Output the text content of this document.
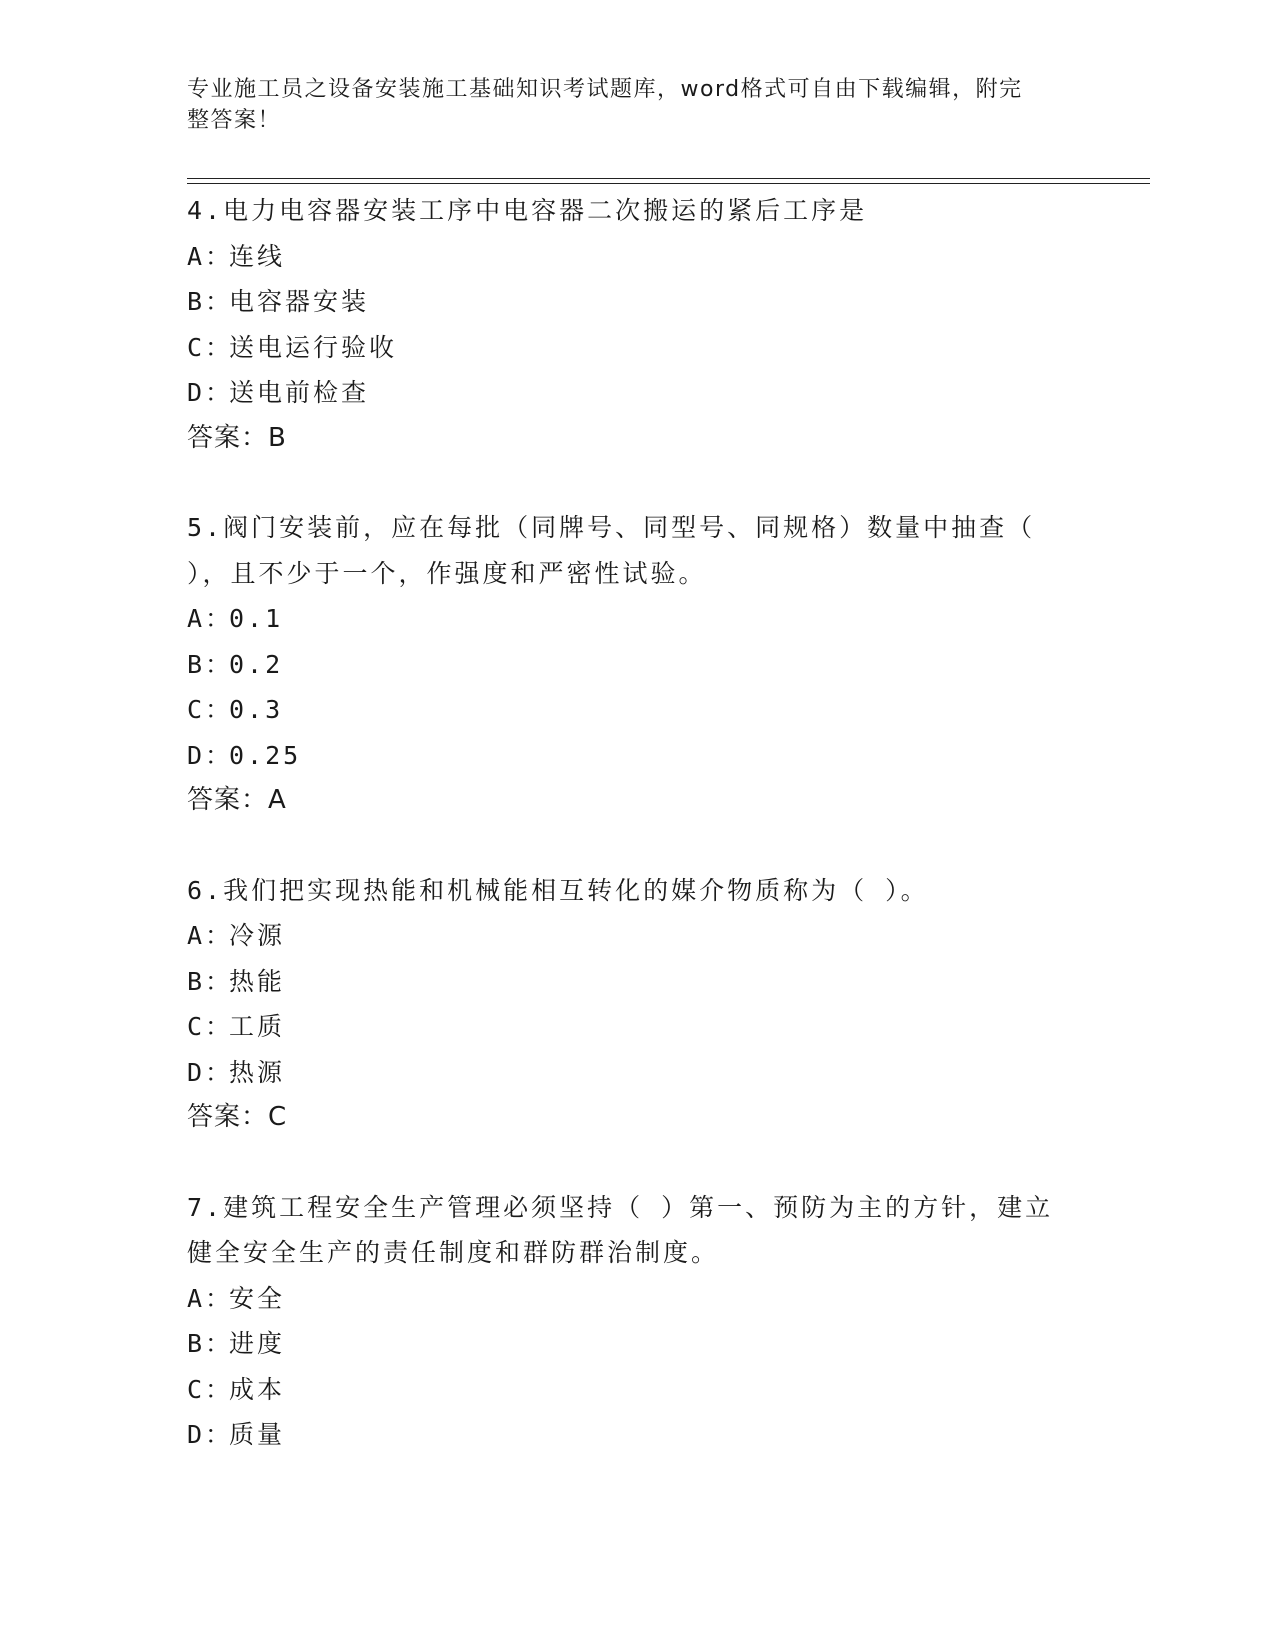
专业施工员之设备安装施工基础知识考试题库，word格式可自由下载编辑，附完
整答案！
4.电力电容器安装工序中电容器二次搬运的紧后工序是
A：
连线
B：
电容器安装
C：
送电运行验收
D：
送电前检查
答案：B
5.阀门安装前，应在每批（同牌号、同型号、同规格）数量中抽查（
），且不少于一个，作强度和严密性试验。
A：
0.1
B：
0.2
C：
0.3
D：
0.25
答案：A
6.我们把实现热能和机械能相互转化的媒介物质称为（ ）。
A：
冷源
B：
热能
C：
工质
D：
热源
答案：C
7.建筑工程安全生产管理必须坚持（ ）第一、预防为主的方针，建立
健全安全生产的责任制度和群防群治制度。
A：
安全
B：
进度
C：
成本
D：
质量
